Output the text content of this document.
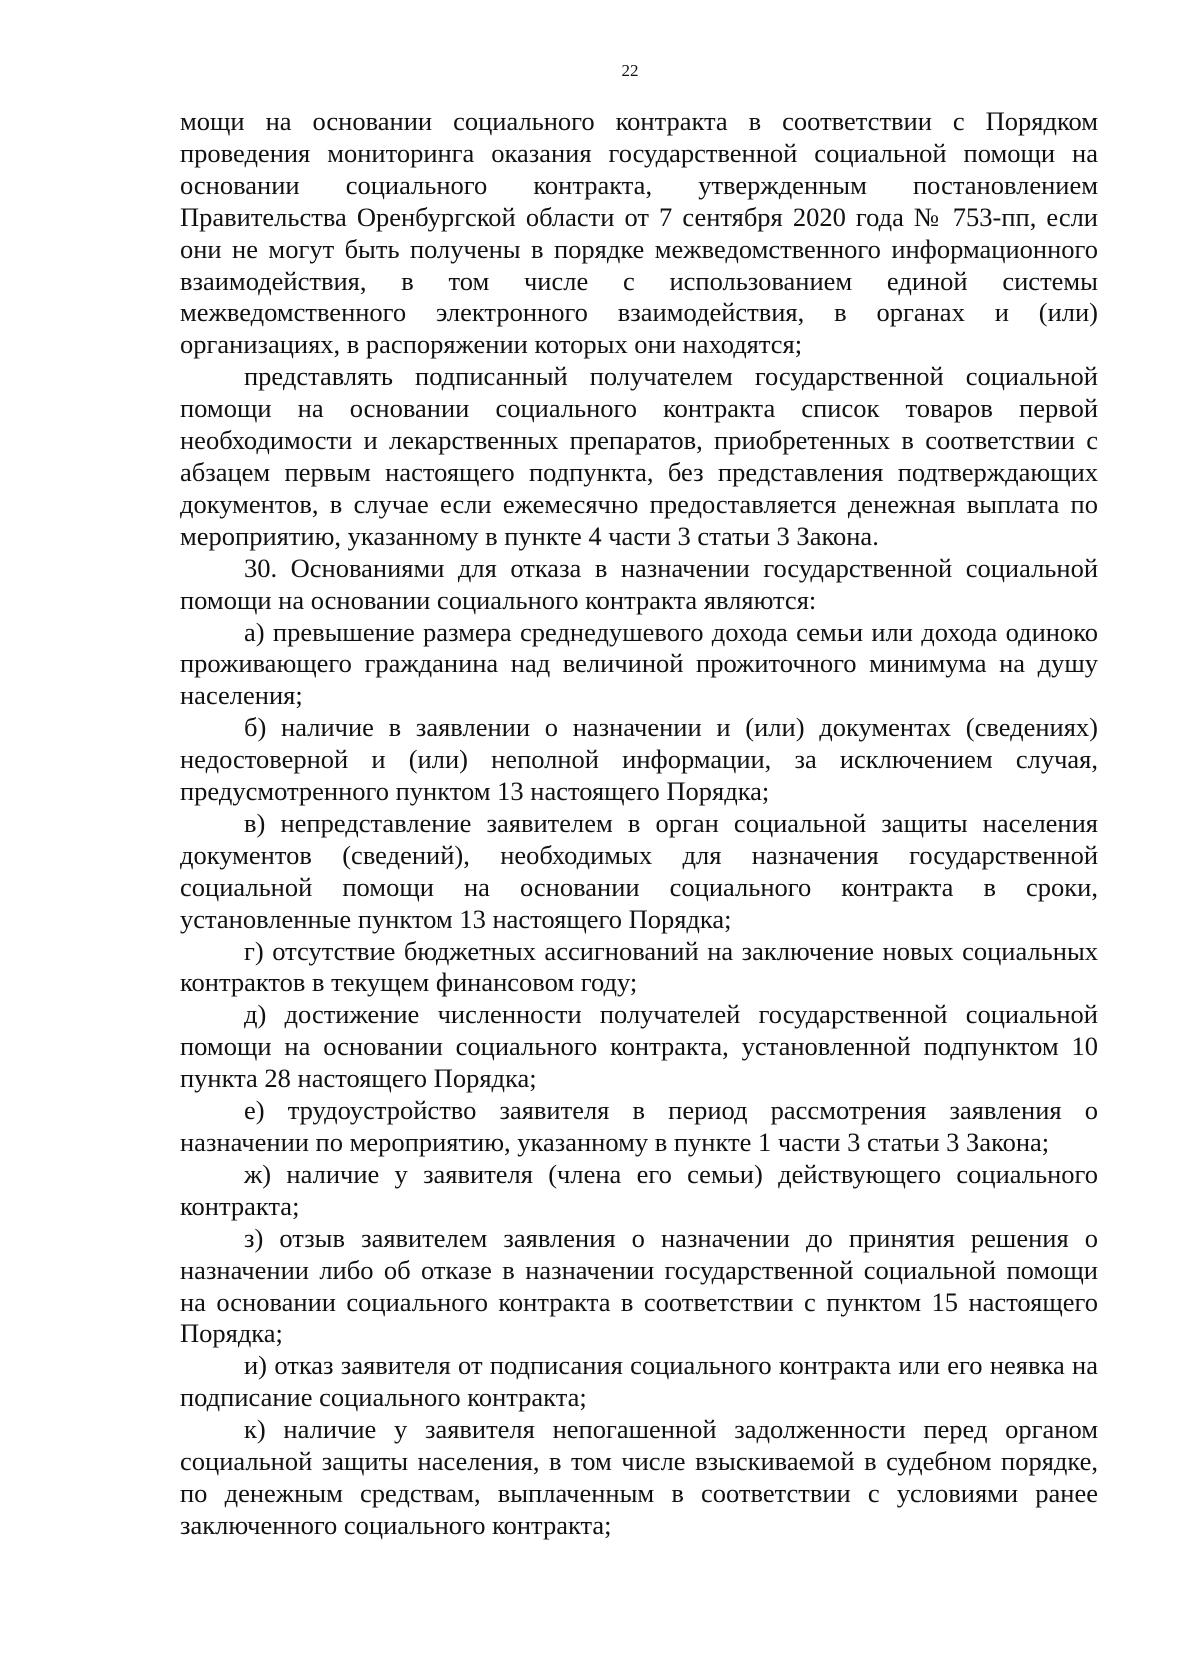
22

мощи на основании социального контракта в соответствии с Порядком проведения мониторинга оказания государственной социальной помощи на основании социального контракта, утвержденным постановлением Правительства Оренбургской области от 7 сентября 2020 года № 753-пп, если они не могут быть получены в порядке межведомственного информационного взаимодействия, в том числе с использованием единой системы межведомственного электронного взаимодействия, в органах и (или) организациях, в распоряжении которых они находятся;

представлять подписанный получателем государственной социальной помощи на основании социального контракта список товаров первой необходимости и лекарственных препаратов, приобретенных в соответствии с абзацем первым настоящего подпункта, без представления подтверждающих документов, в случае если ежемесячно предоставляется денежная выплата по мероприятию, указанному в пункте 4 части 3 статьи 3 Закона.

30. Основаниями для отказа в назначении государственной социальной помощи на основании социального контракта являются:

а) превышение размера среднедушевого дохода семьи или дохода одиноко проживающего гражданина над величиной прожиточного минимума на душу населения;

б) наличие в заявлении о назначении и (или) документах (сведениях) недостоверной и (или) неполной информации, за исключением случая, предусмотренного пунктом 13 настоящего Порядка;

в) непредставление заявителем в орган социальной защиты населения документов (сведений), необходимых для назначения государственной социальной помощи на основании социального контракта в сроки, установленные пунктом 13 настоящего Порядка;

г) отсутствие бюджетных ассигнований на заключение новых социальных контрактов в текущем финансовом году;

д) достижение численности получателей государственной социальной помощи на основании социального контракта, установленной подпунктом 10 пункта 28 настоящего Порядка;

е) трудоустройство заявителя в период рассмотрения заявления о назначении по мероприятию, указанному в пункте 1 части 3 статьи 3 Закона;

ж) наличие у заявителя (члена его семьи) действующего социального контракта;

з) отзыв заявителем заявления о назначении до принятия решения о назначении либо об отказе в назначении государственной социальной помощи на основании социального контракта в соответствии с пунктом 15 настоящего Порядка;

и) отказ заявителя от подписания социального контракта или его неявка на подписание социального контракта;

к) наличие у заявителя непогашенной задолженности перед органом социальной защиты населения, в том числе взыскиваемой в судебном порядке, по денежным средствам, выплаченным в соответствии с условиями ранее заключенного социального контракта;
